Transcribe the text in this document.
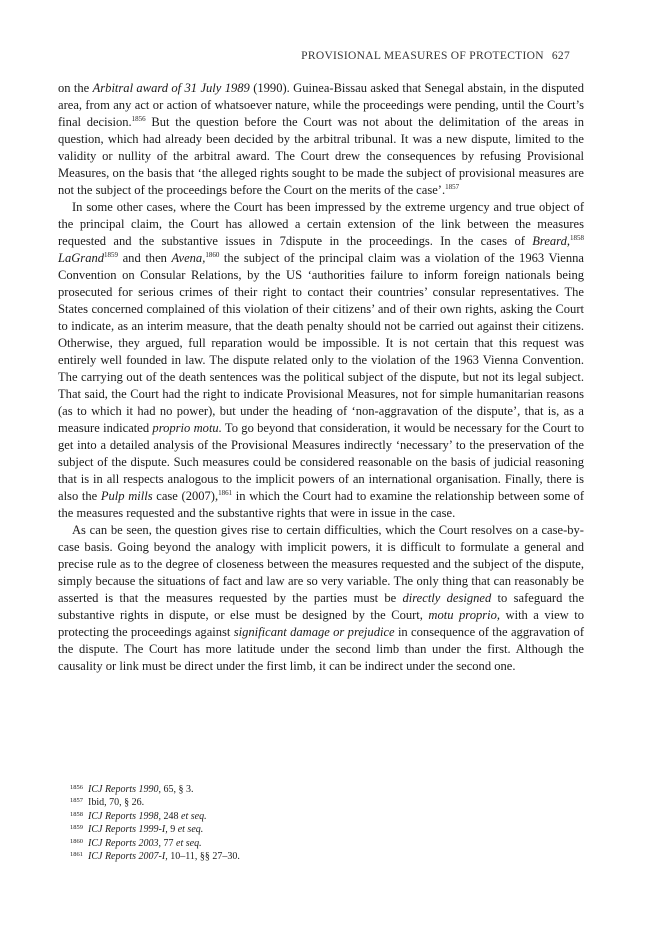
PROVISIONAL MEASURES OF PROTECTION 627

on the Arbitral award of 31 July 1989 (1990). Guinea-Bissau asked that Senegal abstain, in the disputed area, from any act or action of whatsoever nature, while the proceedings were pending, until the Court’s final decision.$^{1856}$ But the question before the Court was not about the delimitation of the areas in question, which had already been decided by the arbitral tribunal. It was a new dispute, limited to the validity or nullity of the arbitral award. The Court drew the consequences by refusing Provisional Measures, on the basis that ‘the alleged rights sought to be made the subject of provisional measures are not the subject of the proceedings before the Court on the merits of the case’.$^{1857}$

In some other cases, where the Court has been impressed by the extreme urgency and true object of the principal claim, the Court has allowed a certain extension of the link between the measures requested and the substantive issues in 7dispute in the proceedings. In the cases of Breard,$^{1858}$ LaGrand$^{1859}$ and then Avena,$^{1860}$ the subject of the principal claim was a violation of the 1963 Vienna Convention on Consular Relations, by the US ‘authorities failure to inform foreign nationals being prosecuted for serious crimes of their right to contact their countries’ consular representatives. The States concerned complained of this violation of their citizens’ and of their own rights, asking the Court to indicate, as an interim measure, that the death penalty should not be carried out against their citizens. Otherwise, they argued, full reparation would be impossible. It is not certain that this request was entirely well founded in law. The dispute related only to the violation of the 1963 Vienna Convention. The carrying out of the death sentences was the political subject of the dispute, but not its legal subject. That said, the Court had the right to indicate Provisional Measures, not for simple humanitarian reasons (as to which it had no power), but under the heading of ‘non-aggravation of the dispute’, that is, as a measure indicated proprio motu. To go beyond that consideration, it would be necessary for the Court to get into a detailed analysis of the Provisional Measures indirectly ‘necessary’ to the preservation of the subject of the dispute. Such measures could be considered reasonable on the basis of judicial reasoning that is in all respects analogous to the implicit powers of an international organisation. Finally, there is also the Pulp mills case (2007),$^{1861}$ in which the Court had to examine the relationship between some of the measures requested and the substantive rights that were in issue in the case.

As can be seen, the question gives rise to certain difficulties, which the Court resolves on a case-by-case basis. Going beyond the analogy with implicit powers, it is difficult to formulate a general and precise rule as to the degree of closeness between the measures requested and the subject of the dispute, simply because the situations of fact and law are so very variable. The only thing that can reasonably be asserted is that the measures requested by the parties must be directly designed to safeguard the substantive rights in dispute, or else must be designed by the Court, motu proprio, with a view to protecting the proceedings against significant damage or prejudice in consequence of the aggravation of the dispute. The Court has more latitude under the second limb than under the first. Although the causality or link must be direct under the first limb, it can be indirect under the second one.

1856 ICJ Reports 1990, 65, § 3.
1857 Ibid, 70, § 26.
1858 ICJ Reports 1998, 248 et seq.
1859 ICJ Reports 1999-I, 9 et seq.
1860 ICJ Reports 2003, 77 et seq.
1861 ICJ Reports 2007-I, 10–11, §§ 27–30.
